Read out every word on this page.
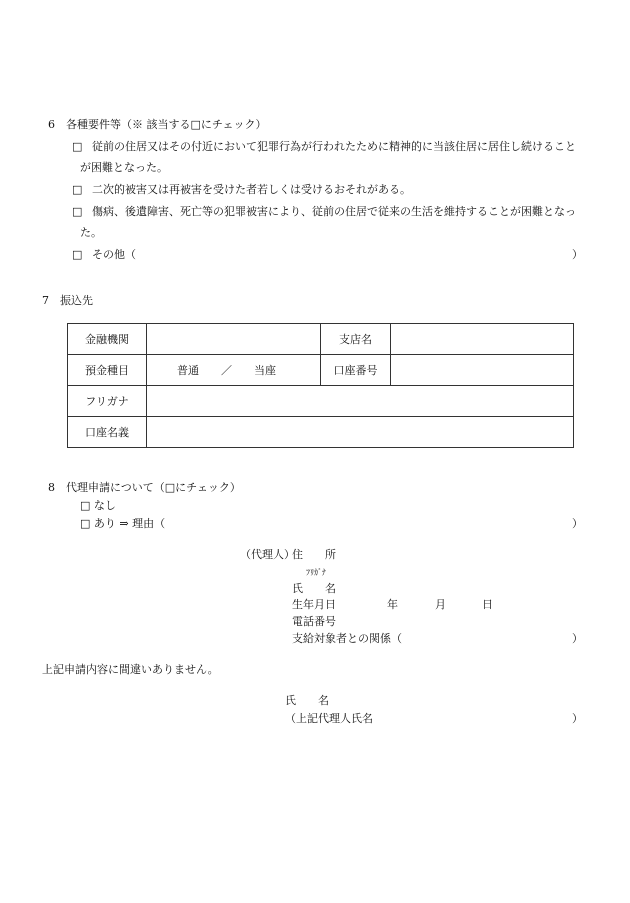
6　各種要件等（※ 該当する□にチェック）
□ 従前の住居又はその付近において犯罪行為が行われたために精神的に当該住居に居住し続けること
が困難となった。
□ 二次的被害又は再被害を受けた者若しくは受けるおそれがある。
□ 傷病、後遺障害、死亡等の犯罪被害により、従前の住居で従来の生活を維持することが困難となっ
た。
□ その他（	）
7　振込先
金融機関		支店名	
預金種目	普通　　／　　当座	口座番号	
フリガナ			
口座名義			
8　代理申請について（□にチェック）
□ なし
□ あり ⇒ 理由（	）
（代理人）
住　　所
ﾌﾘｶﾞﾅ
氏　　名
生年月日	年	月	日
電話番号
支給対象者との関係（	）
上記申請内容に間違いありません。
氏　　名
（上記代理人氏名	）
